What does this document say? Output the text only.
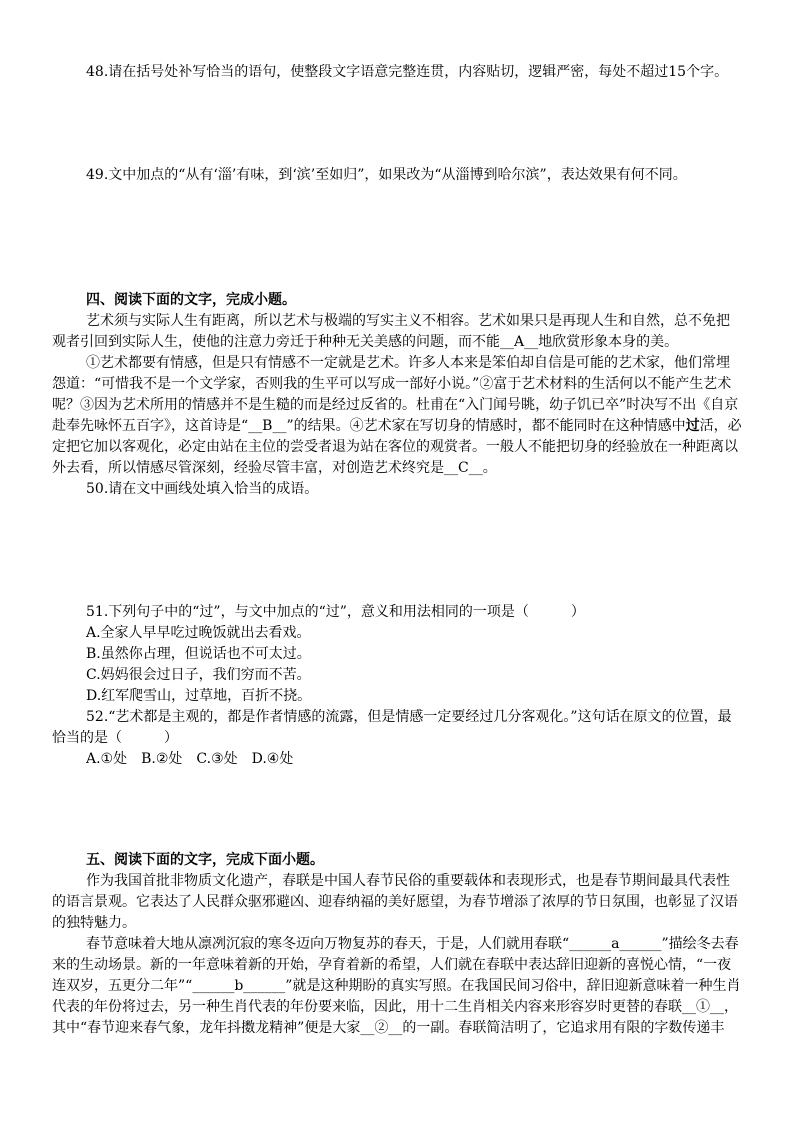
48.请在括号处补写恰当的语句，使整段文字语意完整连贯，内容贴切，逻辑严密，每处不超过15个字。

49.文中加点的“从有‘淄’有味，到‘滨’至如归”，如果改为“从淄博到哈尔滨”，表达效果有何不同。

四、阅读下面的文字，完成小题。

艺术须与实际人生有距离，所以艺术与极端的写实主义不相容。艺术如果只是再现人生和自然，总不免把观者引回到实际人生，使他的注意力旁迁于种种无关美感的问题，而不能__A__地欣赏形象本身的美。

①艺术都要有情感，但是只有情感不一定就是艺术。许多人本来是笨伯却自信是可能的艺术家，他们常埋怨道：“可惜我不是一个文学家，否则我的生平可以写成一部好小说。”②富于艺术材料的生活何以不能产生艺术呢？③因为艺术所用的情感并不是生糙的而是经过反省的。杜甫在“入门闻号眺，幼子饥已卒”时决写不出《自京赴奉先咏怀五百字》，这首诗是“__B__”的结果。④艺术家在写切身的情感时，都不能同时在这种情感中过活，必定把它加以客观化，必定由站在主位的尝受者退为站在客位的观赏者。一般人不能把切身的经验放在一种距离以外去看，所以情感尽管深刻，经验尽管丰富，对创造艺术终究是__C__。

50.请在文中画线处填入恰当的成语。

51.下列句子中的“过”，与文中加点的“过”，意义和用法相同的一项是（　　　）

A.全家人早早吃过晚饭就出去看戏。

B.虽然你占理，但说话也不可太过。

C.妈妈很会过日子，我们穷而不苦。

D.红军爬雪山，过草地，百折不挠。

52.“艺术都是主观的，都是作者情感的流露，但是情感一定要经过几分客观化。”这句话在原文的位置，最恰当的是（　　　）

A.①处　B.②处　C.③处　D.④处

五、阅读下面的文字，完成下面小题。

作为我国首批非物质文化遗产，春联是中国人春节民俗的重要载体和表现形式，也是春节期间最具代表性的语言景观。它表达了人民群众驱邪避凶、迎春纳福的美好愿望，为春节增添了浓厚的节日氛围，也彰显了汉语的独特魅力。

春节意味着大地从凛冽沉寂的寒冬迈向万物复苏的春天，于是，人们就用春联“______a______”描绘冬去春来的生动场景。新的一年意味着新的开始，孕育着新的希望，人们就在春联中表达辞旧迎新的喜悦心情，“一夜连双岁，五更分二年”“______b______”就是这种期盼的真实写照。在我国民间习俗中，辞旧迎新意味着一种生肖代表的年份将过去，另一种生肖代表的年份要来临，因此，用十二生肖相关内容来形容岁时更替的春联__①__，其中“春节迎来春气象，龙年抖擞龙精神”便是大家__②__的一副。春联简洁明了，它追求用有限的字数传递丰
